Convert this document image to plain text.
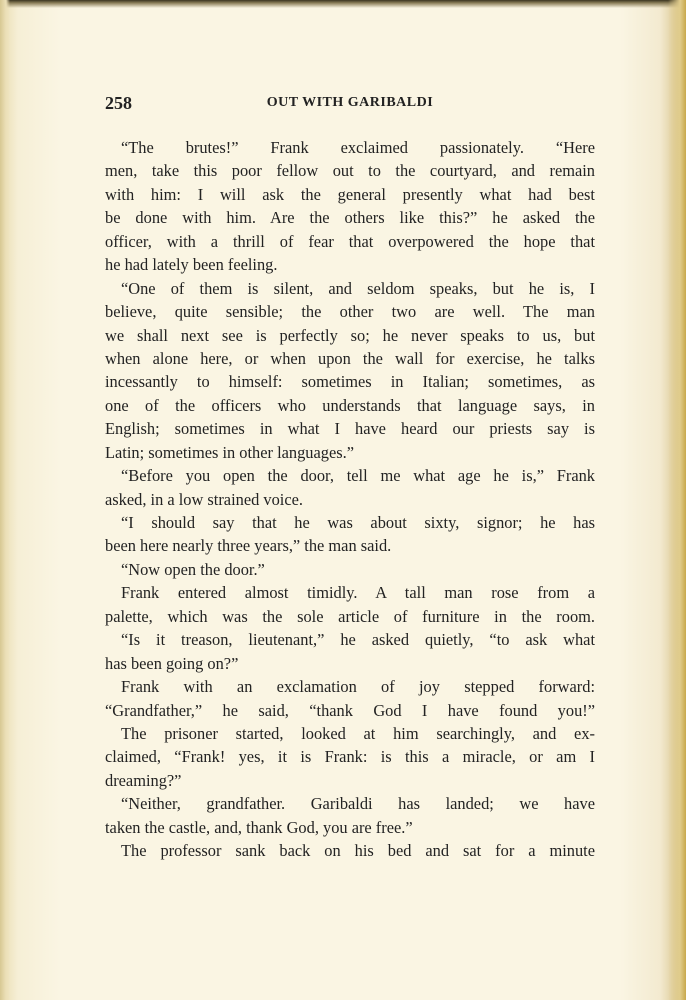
258	OUT WITH GARIBALDI
“The brutes!” Frank exclaimed passionately. “Here
men, take this poor fellow out to the courtyard, and remain
with him: I will ask the general presently what had best
be done with him. Are the others like this?” he asked the
officer, with a thrill of fear that overpowered the hope that
he had lately been feeling.
“One of them is silent, and seldom speaks, but he is, I
believe, quite sensible; the other two are well. The man
we shall next see is perfectly so; he never speaks to us, but
when alone here, or when upon the wall for exercise, he talks
incessantly to himself: sometimes in Italian; sometimes, as
one of the officers who understands that language says, in
English; sometimes in what I have heard our priests say is
Latin; sometimes in other languages.”
“Before you open the door, tell me what age he is,” Frank
asked, in a low strained voice.
“I should say that he was about sixty, signor; he has
been here nearly three years,” the man said.
“Now open the door.”
Frank entered almost timidly. A tall man rose from a
palette, which was the sole article of furniture in the room.
“Is it treason, lieutenant,” he asked quietly, “to ask what
has been going on?”
Frank with an exclamation of joy stepped forward:
“Grandfather,” he said, “thank God I have found you!”
The prisoner started, looked at him searchingly, and ex-
claimed, “Frank! yes, it is Frank: is this a miracle, or am I
dreaming?”
“Neither, grandfather. Garibaldi has landed; we have
taken the castle, and, thank God, you are free.”
The professor sank back on his bed and sat for a minute
